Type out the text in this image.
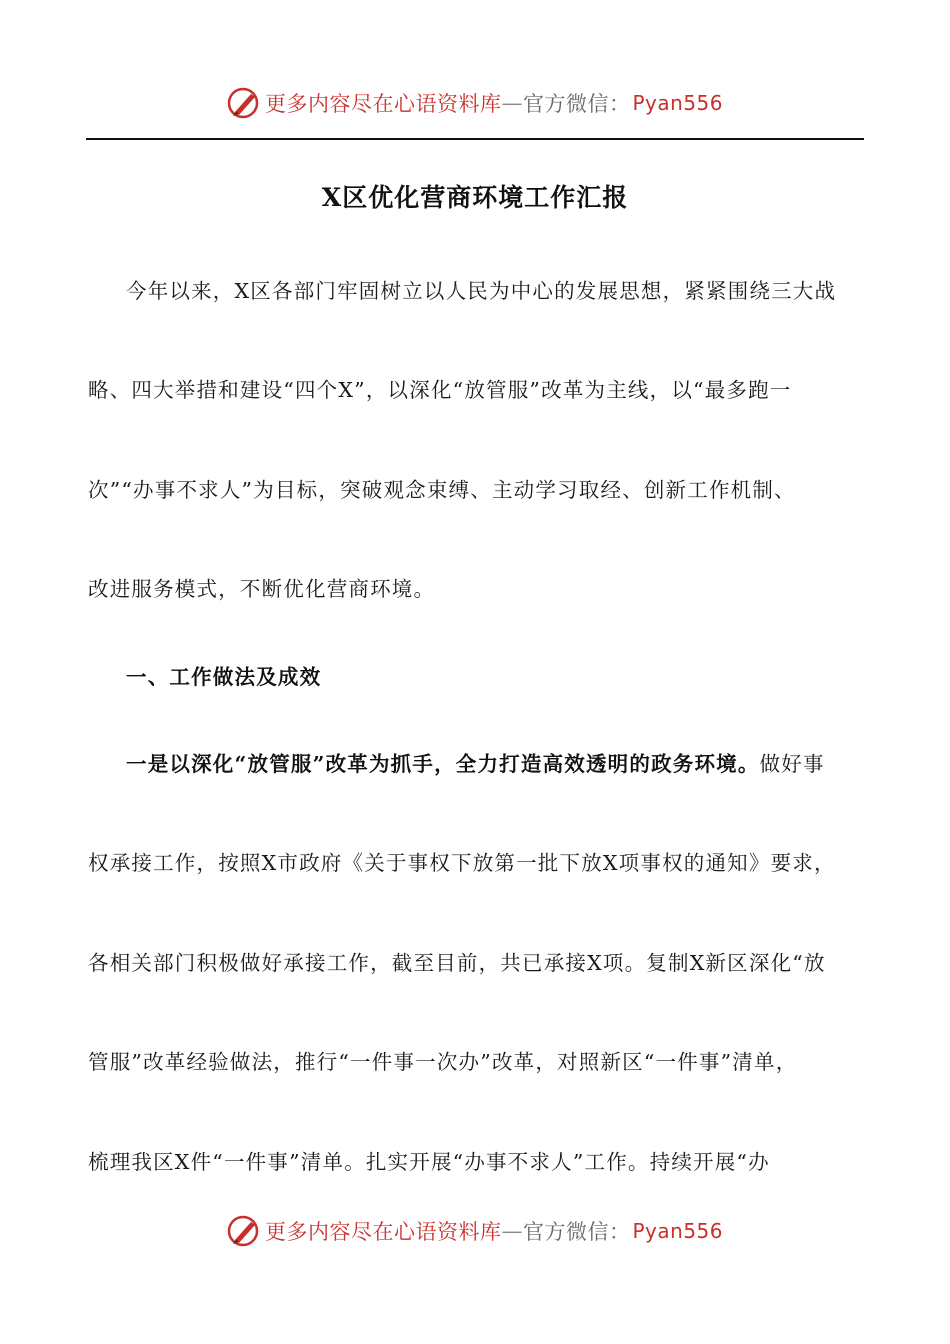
更多内容尽在心语资料库 — 官方微信： Pyan556
X区优化营商环境工作汇报
今年以来，X区各部门牢固树立以人民为中心的发展思想，紧紧围绕三大战
略、四大举措和建设“四个X”，以深化“放管服”改革为主线，以“最多跑一
次”“办事不求人”为目标，突破观念束缚、主动学习取经、创新工作机制、
改进服务模式，不断优化营商环境。
一、工作做法及成效
一是以深化“放管服”改革为抓手，全力打造高效透明的政务环境。做好事
权承接工作，按照X市政府《关于事权下放第一批下放X项事权的通知》要求，
各相关部门积极做好承接工作，截至目前，共已承接X项。复制X新区深化“放
管服”改革经验做法，推行“一件事一次办”改革，对照新区“一件事”清单，
梳理我区X件“一件事”清单。扎实开展“办事不求人”工作。持续开展“办
更多内容尽在心语资料库 — 官方微信： Pyan556
